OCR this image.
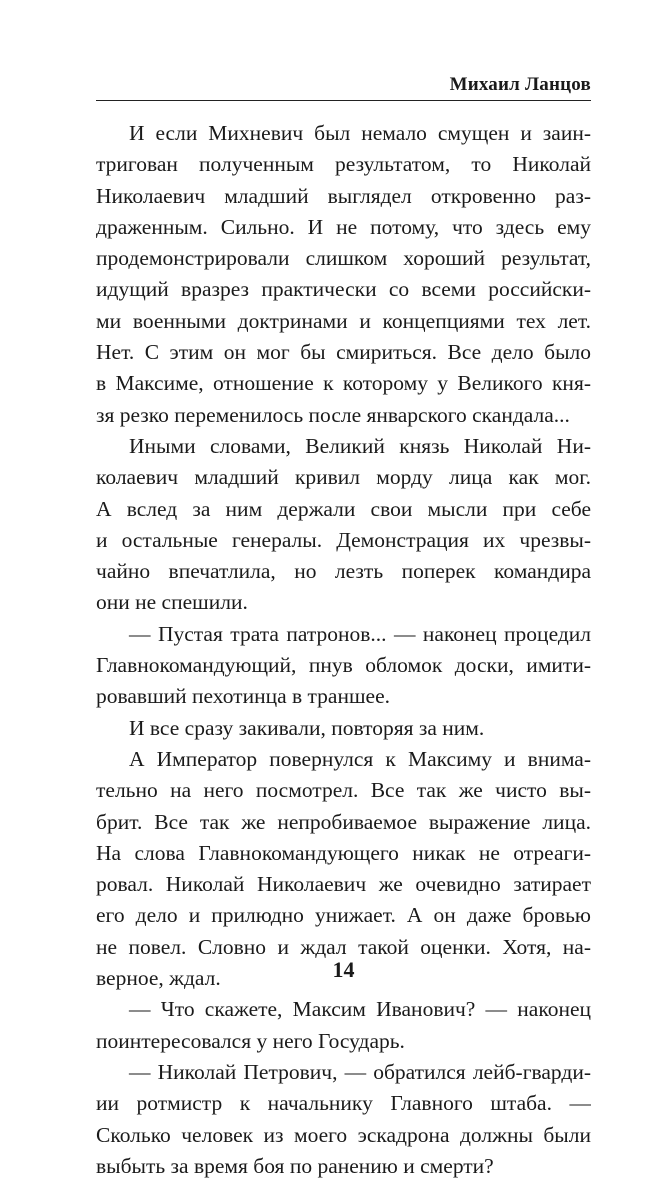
Михаил Ланцов
И если Михневич был немало смущен и заин-
тригован полученным результатом, то Николай
Николаевич младший выглядел откровенно раз-
драженным. Сильно. И не потому, что здесь ему
продемонстрировали слишком хороший результат,
идущий вразрез практически со всеми российски-
ми военными доктринами и концепциями тех лет.
Нет. С этим он мог бы смириться. Все дело было
в Максиме, отношение к которому у Великого кня-
зя резко переменилось после январского скандала...
Иными словами, Великий князь Николай Ни-
колаевич младший кривил морду лица как мог.
А вслед за ним держали свои мысли при себе
и остальные генералы. Демонстрация их чрезвы-
чайно впечатлила, но лезть поперек командира
они не спешили.
— Пустая трата патронов... — наконец процедил
Главнокомандующий, пнув обломок доски, имити-
ровавший пехотинца в траншее.
И все сразу закивали, повторяя за ним.
А Император повернулся к Максиму и внима-
тельно на него посмотрел. Все так же чисто вы-
брит. Все так же непробиваемое выражение лица.
На слова Главнокомандующего никак не отреаги-
ровал. Николай Николаевич же очевидно затирает
его дело и прилюдно унижает. А он даже бровью
не повел. Словно и ждал такой оценки. Хотя, на-
верное, ждал.
— Что скажете, Максим Иванович? — наконец
поинтересовался у него Государь.
— Николай Петрович, — обратился лейб-гварди-
ии ротмистр к начальнику Главного штаба. —
Сколько человек из моего эскадрона должны были
выбыть за время боя по ранению и смерти?
14
